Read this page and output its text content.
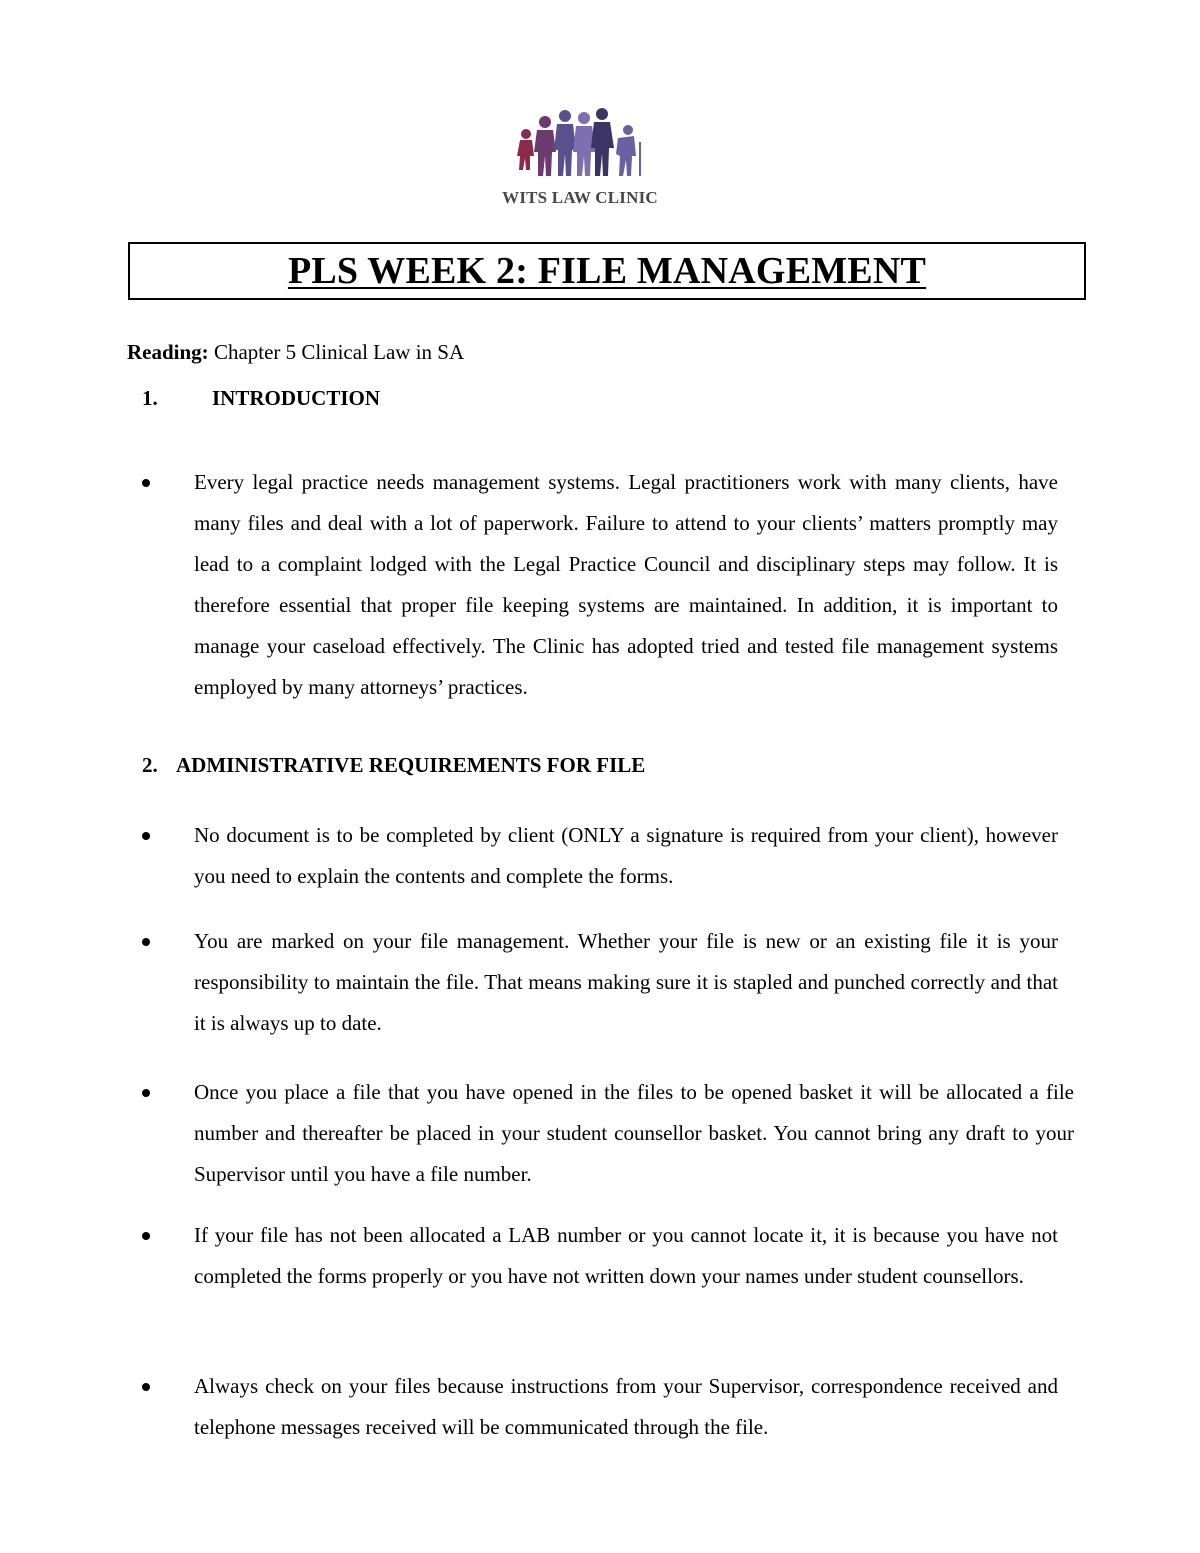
WITS LAW CLINIC
PLS WEEK 2: FILE MANAGEMENT
Reading: Chapter 5 Clinical Law in SA
1.	INTRODUCTION
Every legal practice needs management systems. Legal practitioners work with many clients, have many files and deal with a lot of paperwork. Failure to attend to your clients’ matters promptly may lead to a complaint lodged with the Legal Practice Council and disciplinary steps may follow. It is therefore essential that proper file keeping systems are maintained. In addition, it is important to manage your caseload effectively. The Clinic has adopted tried and tested file management systems employed by many attorneys’ practices.
2. ADMINISTRATIVE REQUIREMENTS FOR FILE
No document is to be completed by client (ONLY a signature is required from your client), however you need to explain the contents and complete the forms.
You are marked on your file management. Whether your file is new or an existing file it is your responsibility to maintain the file. That means making sure it is stapled and punched correctly and that it is always up to date.
Once you place a file that you have opened in the files to be opened basket it will be allocated a file number and thereafter be placed in your student counsellor basket. You cannot bring any draft to your Supervisor until you have a file number.
If your file has not been allocated a LAB number or you cannot locate it, it is because you have not completed the forms properly or you have not written down your names under student counsellors.
Always check on your files because instructions from your Supervisor, correspondence received and telephone messages received will be communicated through the file.
